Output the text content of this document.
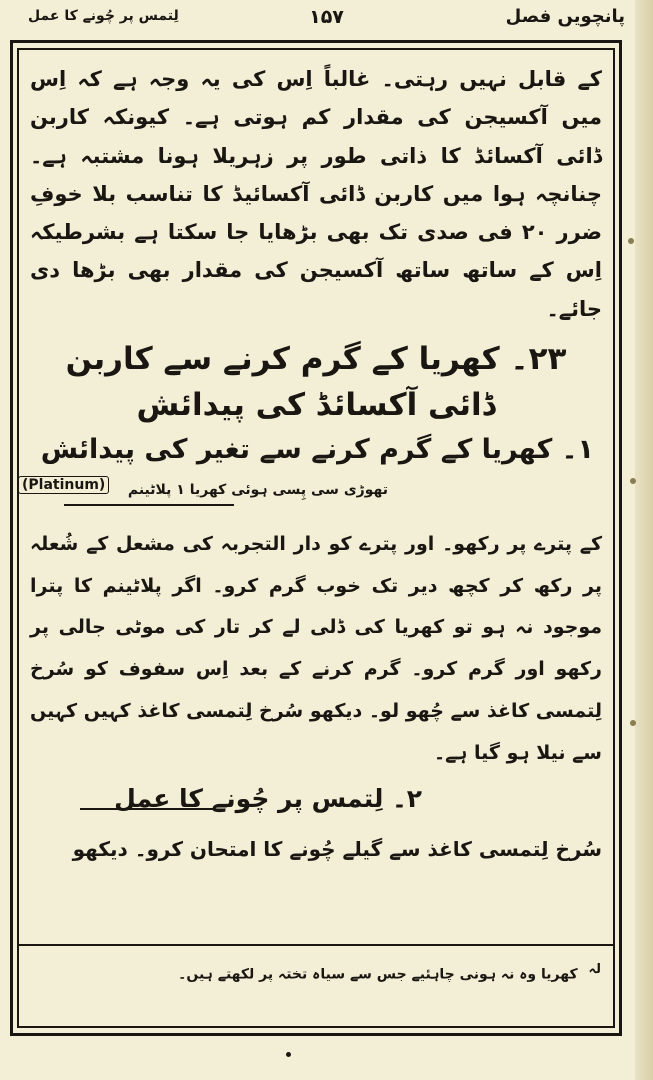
پانچویں فصل
۱۵۷
لِتمس پر چُونے کا عمل

کے قابل نہیں رہتی۔ غالباً اِس کی یہ وجہ ہے کہ اِس میں آکسیجن کی مقدار کم ہوتی ہے۔ کیونکہ کاربن ڈائی آکسائڈ کا ذاتی طور پر زہریلا ہونا مشتبہ ہے۔ چنانچہ ہوا میں کاربن ڈائی آکسائیڈ کا تناسب بلا خوفِ ضرر ۲۰ فی صدی تک بھی بڑھایا جا سکتا ہے بشرطیکہ اِس کے ساتھ ساتھ آکسیجن کی مقدار بھی بڑھا دی جائے۔

۲۳۔ کھریا کے گرم کرنے سے کاربن ڈائی آکسائڈ کی پیدائش
۱۔ کھریا کے گرم کرنے سے تغیر کی پیدائش
تھوڑی سی پِسی ہوئی کھریا ۱ پلاٹینم
(Platinum)

کے پترے پر رکھو۔ اور پترے کو دار التجربہ کی مشعل کے شُعلہ پر رکھ کر کچھ دیر تک خوب گرم کرو۔ اگر پلاٹینم کا پترا موجود نہ ہو تو کھریا کی ڈلی لے کر تار کی موٹی جالی پر رکھو اور گرم کرو۔ گرم کرنے کے بعد اِس سفوف کو سُرخ لِتمسی کاغذ سے چُھو لو۔ دیکھو سُرخ لِتمسی کاغذ کہیں کہیں سے نیلا ہو گیا ہے۔

۲۔ لِتمس پر چُونے کا عمل

سُرخ لِتمسی کاغذ سے گیلے چُونے کا امتحان کرو۔ دیکھو

لہ کھریا وہ نہ ہونی چاہئیے جس سے سیاہ تختہ پر لکھتے ہیں۔
